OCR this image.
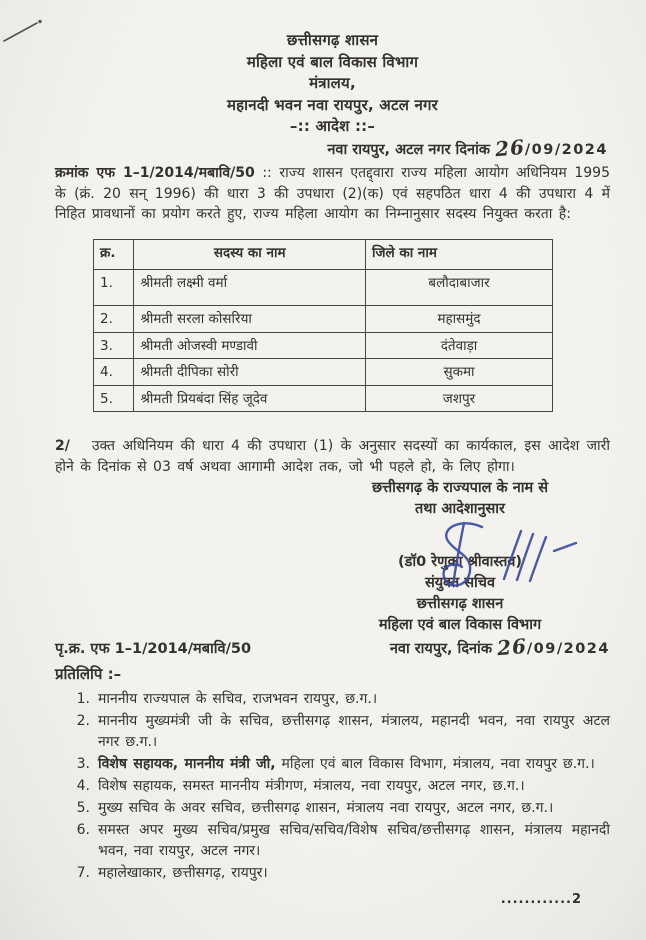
छत्तीसगढ़ शासन
महिला एवं बाल विकास विभाग
मंत्रालय,
महानदी भवन नवा रायपुर, अटल नगर
–:: आदेश ::–
नवा रायपुर, अटल नगर दिनांक 26/09/2024
क्रमांक एफ 1–1/2014/मबावि/50 :: राज्य शासन एतद्द्वारा राज्य महिला आयोग अधिनियम 1995 के (क्रं. 20 सन् 1996) की धारा 3 की उपधारा (2)(क) एवं सहपठित धारा 4 की उपधारा 4 में निहित प्रावधानों का प्रयोग करते हुए, राज्य महिला आयोग का निम्नानुसार सदस्य नियुक्त करता है:
क्र.	सदस्य का नाम	जिले का नाम
1.	श्रीमती लक्ष्मी वर्मा	बलौदाबाजार
2.	श्रीमती सरला कोसरिया	महासमुंद
3.	श्रीमती ओजस्वी मण्डावी	दंतेवाड़ा
4.	श्रीमती दीपिका सोरी	सुकमा
5.	श्रीमती प्रियबंदा सिंह जूदेव	जशपुर
2/ उक्त अधिनियम की धारा 4 की उपधारा (1) के अनुसार सदस्यों का कार्यकाल, इस आदेश जारी होने के दिनांक से 03 वर्ष अथवा आगामी आदेश तक, जो भी पहले हो, के लिए होगा।
छत्तीसगढ़ के राज्यपाल के नाम से
तथा आदेशानुसार
(डॉ0 रेणुका श्रीवास्तव)
संयुक्त सचिव
छत्तीसगढ़ शासन
महिला एवं बाल विकास विभाग
पृ.क्र. एफ 1–1/2014/मबावि/50	नवा रायपुर, दिनांक 26/09/2024
प्रतिलिपि :–
1. माननीय राज्यपाल के सचिव, राजभवन रायपुर, छ.ग.।
2. माननीय मुख्यमंत्री जी के सचिव, छत्तीसगढ़ शासन, मंत्रालय, महानदी भवन, नवा रायपुर अटल नगर छ.ग.।
3. विशेष सहायक, माननीय मंत्री जी, महिला एवं बाल विकास विभाग, मंत्रालय, नवा रायपुर छ.ग.।
4. विशेष सहायक, समस्त माननीय मंत्रीगण, मंत्रालय, नवा रायपुर, अटल नगर, छ.ग.।
5. मुख्य सचिव के अवर सचिव, छत्तीसगढ़ शासन, मंत्रालय नवा रायपुर, अटल नगर, छ.ग.।
6. समस्त अपर मुख्य सचिव/प्रमुख सचिव/सचिव/विशेष सचिव/छत्तीसगढ़ शासन, मंत्रालय महानदी भवन, नवा रायपुर, अटल नगर।
7. महालेखाकार, छत्तीसगढ़, रायपुर।
............2
